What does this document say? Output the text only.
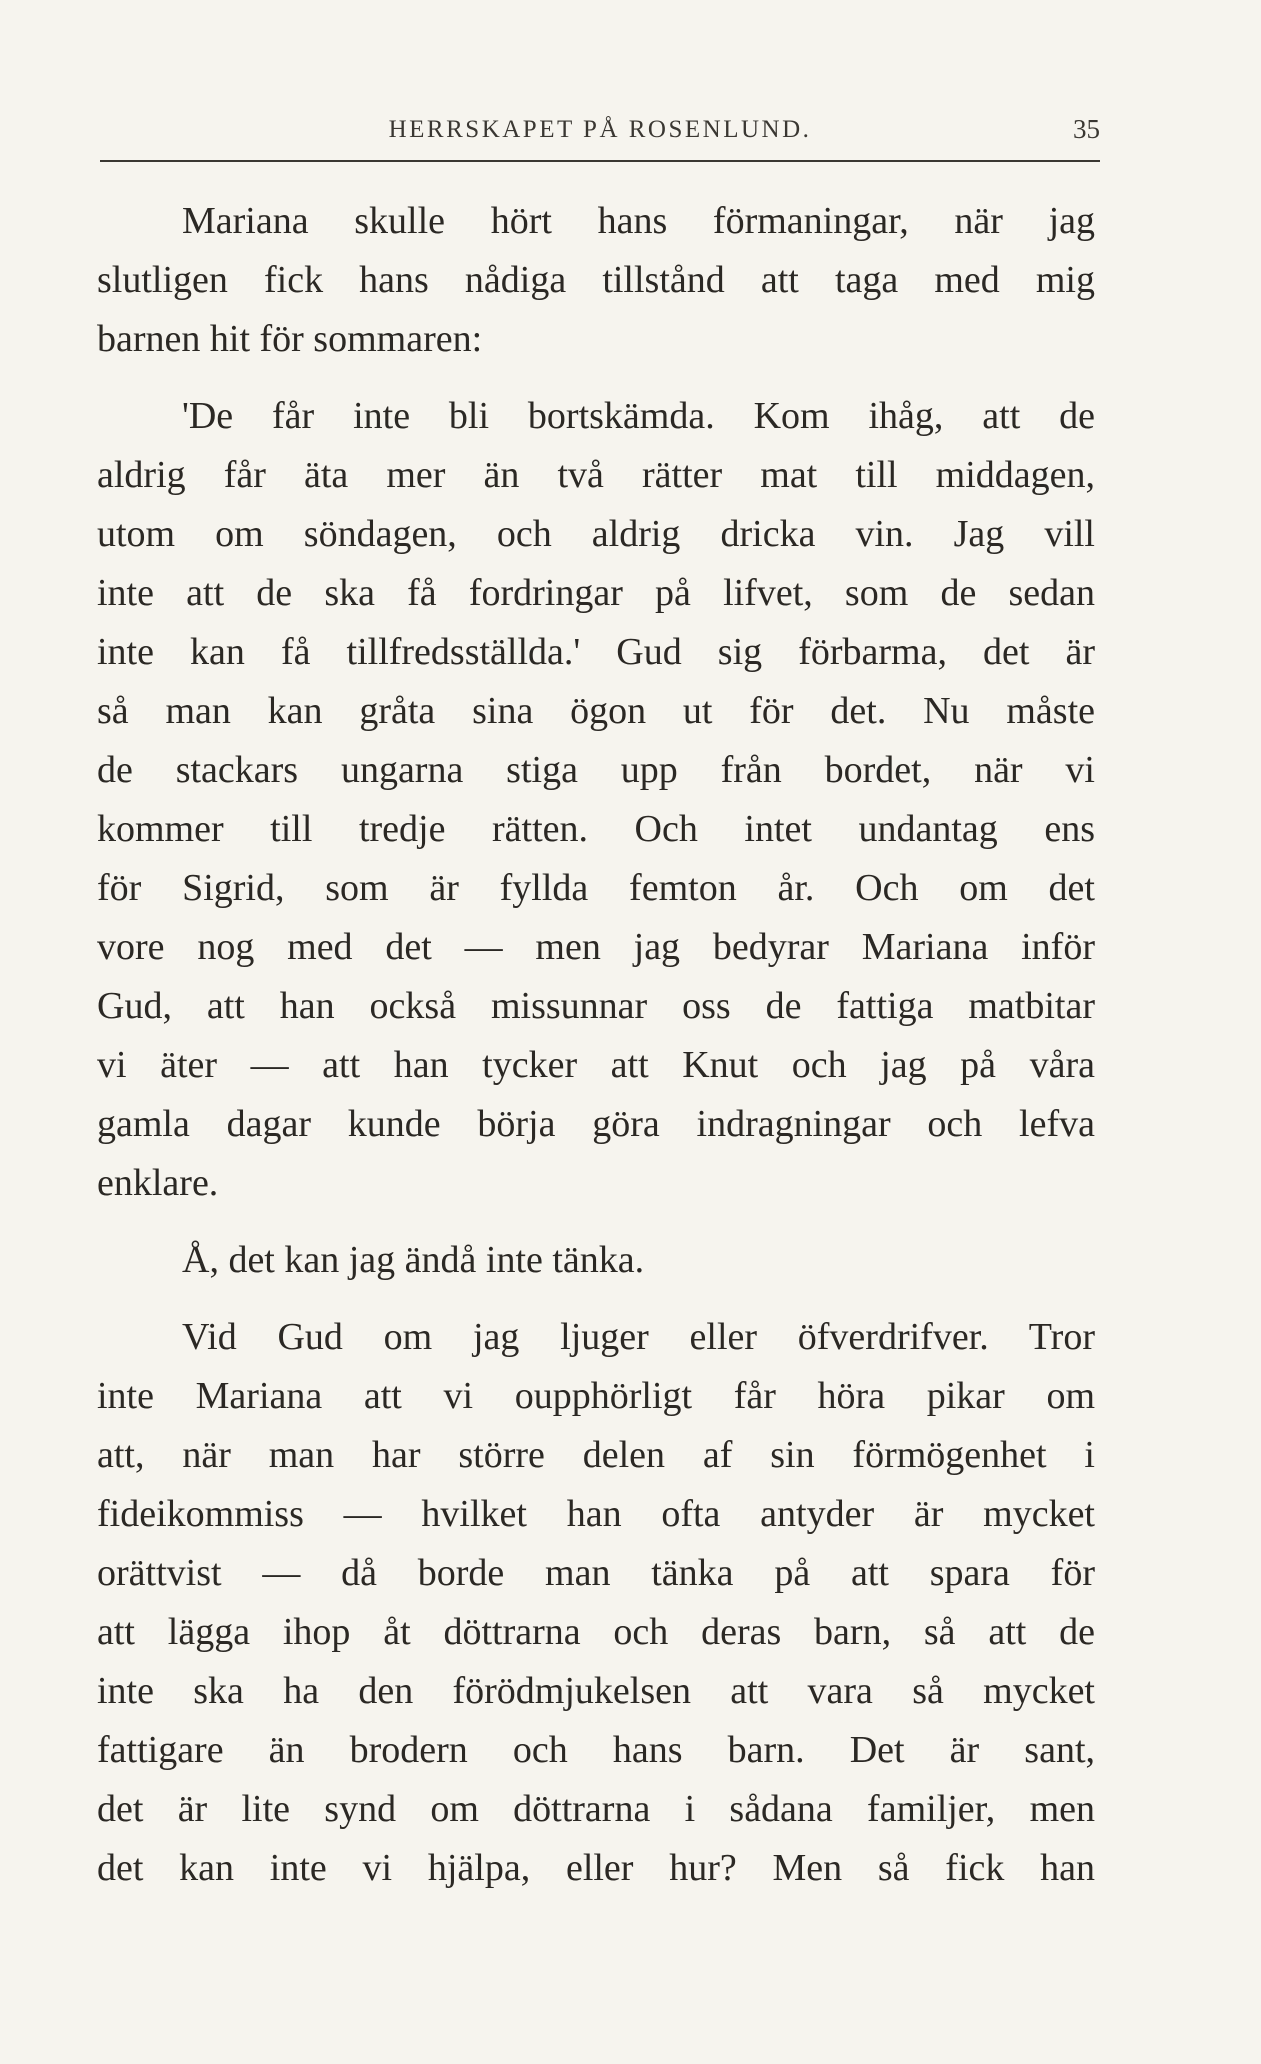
HERRSKAPET PÅ ROSENLUND.	35
Mariana skulle hört hans förmaningar, när jag
slutligen fick hans nådiga tillstånd att taga med mig
barnen hit för sommaren:
'De får inte bli bortskämda. Kom ihåg, att de
aldrig får äta mer än två rätter mat till middagen,
utom om söndagen, och aldrig dricka vin. Jag vill
inte att de ska få fordringar på lifvet, som de sedan
inte kan få tillfredsställda.' Gud sig förbarma, det är
så man kan gråta sina ögon ut för det. Nu måste
de stackars ungarna stiga upp från bordet, när vi
kommer till tredje rätten. Och intet undantag ens
för Sigrid, som är fyllda femton år. Och om det
vore nog med det — men jag bedyrar Mariana inför
Gud, att han också missunnar oss de fattiga matbitar
vi äter — att han tycker att Knut och jag på våra
gamla dagar kunde börja göra indragningar och lefva
enklare.
Å, det kan jag ändå inte tänka.
Vid Gud om jag ljuger eller öfverdrifver. Tror
inte Mariana att vi oupphörligt får höra pikar om
att, när man har större delen af sin förmögenhet i
fideikommiss — hvilket han ofta antyder är mycket
orättvist — då borde man tänka på att spara för
att lägga ihop åt döttrarna och deras barn, så att de
inte ska ha den förödmjukelsen att vara så mycket
fattigare än brodern och hans barn. Det är sant,
det är lite synd om döttrarna i sådana familjer, men
det kan inte vi hjälpa, eller hur? Men så fick han
